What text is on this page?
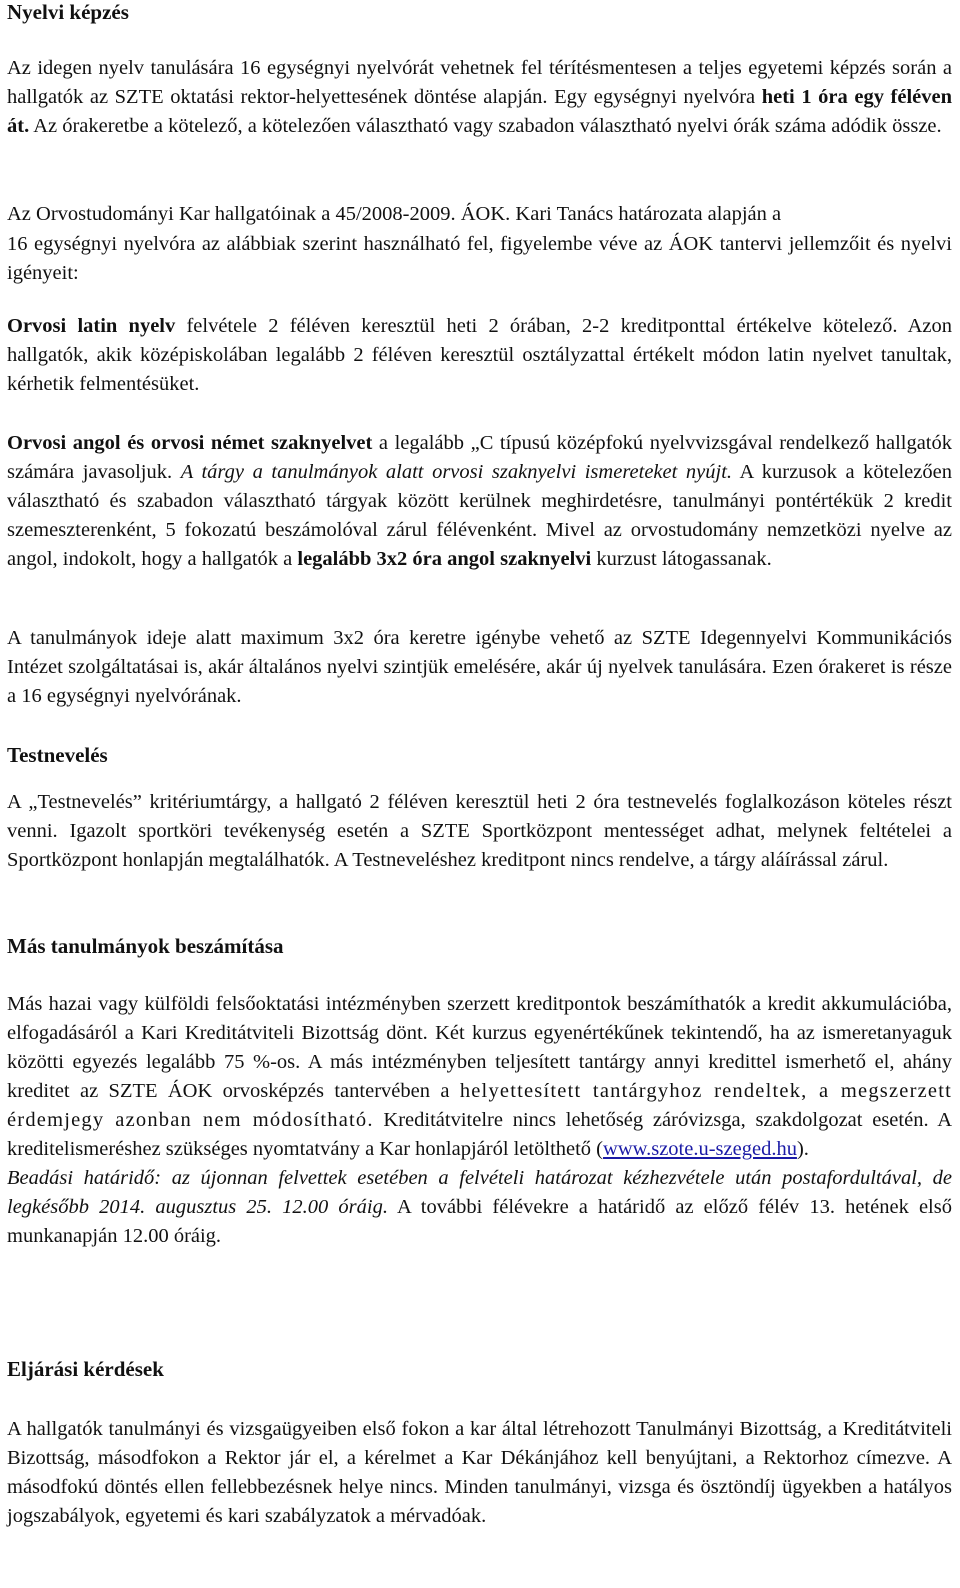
Nyelvi képzés

Az idegen nyelv tanulására 16 egységnyi nyelvórát vehetnek fel térítésmentesen a teljes egyetemi képzés során a hallgatók az SZTE oktatási rektor-helyettesének döntése alapján. Egy egységnyi nyelvóra heti 1 óra egy féléven át. Az órakeretbe a kötelező, a kötelezően választható vagy szabadon választható nyelvi órák száma adódik össze.

Az Orvostudományi Kar hallgatóinak a 45/2008-2009. ÁOK. Kari Tanács határozata alapján a

16 egységnyi nyelvóra az alábbiak szerint használható fel, figyelembe véve az ÁOK tantervi jellemzőit és nyelvi igényeit:

Orvosi latin nyelv felvétele 2 féléven keresztül heti 2 órában, 2-2 kreditponttal értékelve kötelező. Azon hallgatók, akik középiskolában legalább 2 féléven keresztül osztályzattal értékelt módon latin nyelvet tanultak, kérhetik felmentésüket.

Orvosi angol és orvosi német szaknyelvet a legalább „C típusú középfokú nyelvvizsgával rendelkező hallgatók számára javasoljuk. A tárgy a tanulmányok alatt orvosi szaknyelvi ismereteket nyújt. A kurzusok a kötelezően választható és szabadon választható tárgyak között kerülnek meghirdetésre, tanulmányi pontértékük 2 kredit szemeszterenként, 5 fokozatú beszámolóval zárul félévenként. Mivel az orvostudomány nemzetközi nyelve az angol, indokolt, hogy a hallgatók a legalább 3x2 óra angol szaknyelvi kurzust látogassanak.

A tanulmányok ideje alatt maximum 3x2 óra keretre igénybe vehető az SZTE Idegennyelvi Kommunikációs Intézet szolgáltatásai is, akár általános nyelvi szintjük emelésére, akár új nyelvek tanulására. Ezen órakeret is része a 16 egységnyi nyelvórának.

Testnevelés

A „Testnevelés” kritériumtárgy, a hallgató 2 féléven keresztül heti 2 óra testnevelés foglalkozáson köteles részt venni. Igazolt sportköri tevékenység esetén a SZTE Sportközpont mentességet adhat, melynek feltételei a Sportközpont honlapján megtalálhatók. A Testneveléshez kreditpont nincs rendelve, a tárgy aláírással zárul.

Más tanulmányok beszámítása

Más hazai vagy külföldi felsőoktatási intézményben szerzett kreditpontok beszámíthatók a kredit akkumulációba, elfogadásáról a Kari Kreditátviteli Bizottság dönt. Két kurzus egyenértékűnek tekintendő, ha az ismeretanyaguk közötti egyezés legalább 75 %-os. A más intézményben teljesített tantárgy annyi kredittel ismerhető el, ahány kreditet az SZTE ÁOK orvosképzés tantervében a helyettesített tantárgyhoz rendeltek, a megszerzett érdemjegy azonban nem módosítható. Kreditátvitelre nincs lehetőség záróvizsga, szakdolgozat esetén. A kreditelismeréshez szükséges nyomtatvány a Kar honlapjáról letölthető (www.szote.u-szeged.hu).

Beadási határidő: az újonnan felvettek esetében a felvételi határozat kézhezvétele után postafordultával, de legkésőbb 2014. augusztus 25. 12.00 óráig. A további félévekre a határidő az előző félév 13. hetének első munkanapján 12.00 óráig.

Eljárási kérdések

A hallgatók tanulmányi és vizsgaügyeiben első fokon a kar által létrehozott Tanulmányi Bizottság, a Kreditátviteli Bizottság, másodfokon a Rektor jár el, a kérelmet a Kar Dékánjához kell benyújtani, a Rektorhoz címezve. A másodfokú döntés ellen fellebbezésnek helye nincs. Minden tanulmányi, vizsga és ösztöndíj ügyekben a hatályos jogszabályok, egyetemi és kari szabályzatok a mérvadóak.
